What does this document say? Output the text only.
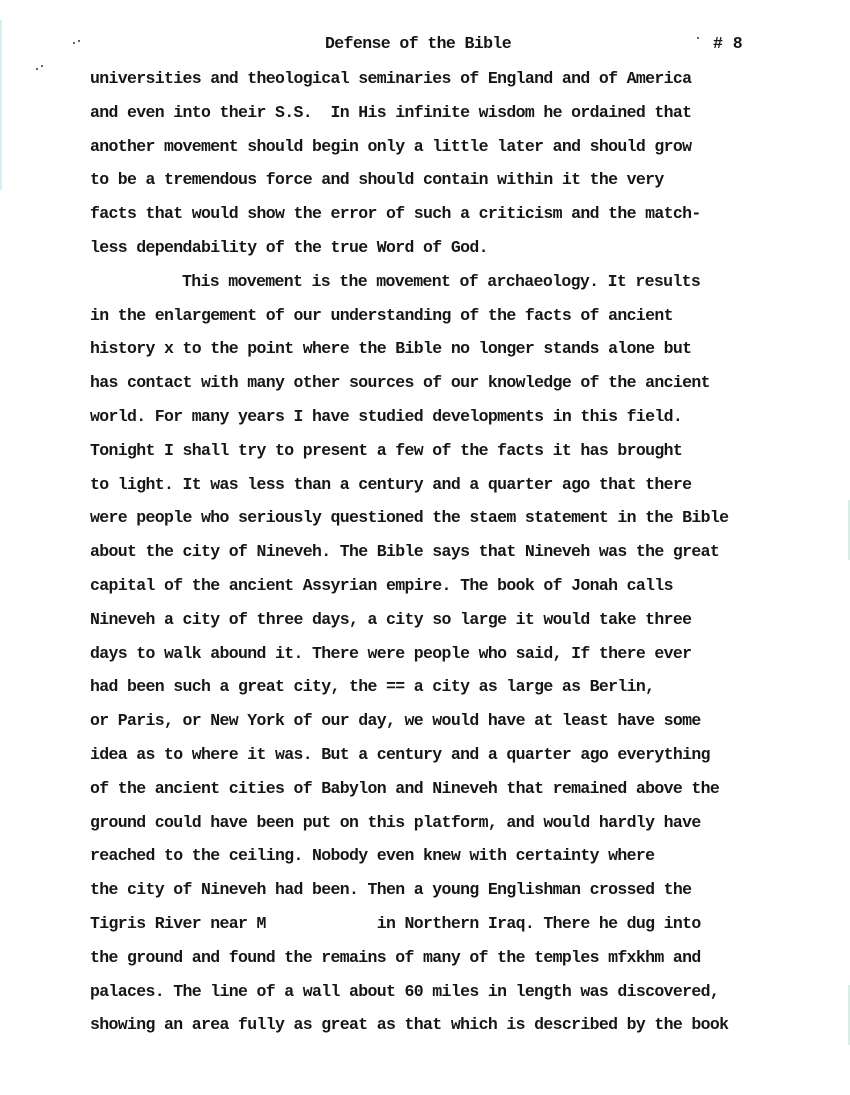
Defense of the Bible	# 8
universities and theological seminaries of England and of America
and even into their S.S.  In His infinite wisdom he ordained that
another movement should begin only a little later and should grow
to be a tremendous force and should contain within it the very
facts that would show the error of such a criticism and the match-
less dependability of the true Word of God.
This movement is the movement of archaeology. It results
in the enlargement of our understanding of the facts of ancient
history x to the point where the Bible no longer stands alone but
has contact with many other sources of our knowledge of the ancient
world. For many years I have studied developments in this field.
Tonight I shall try to present a few of the facts it has brought
to light. It was less than a century and a quarter ago that there
were people who seriously questioned the staem statement in the Bible
about the city of Nineveh. The Bible says that Nineveh was the great
capital of the ancient Assyrian empire. The book of Jonah calls
Nineveh a city of three days, a city so large it would take three
days to walk abound it. There were people who said, If there ever
had been such a great city, the == a city as large as Berlin,
or Paris, or New York of our day, we would have at least have some
idea as to where it was. But a century and a quarter ago everything
of the ancient cities of Babylon and Nineveh that remained above the
ground could have been put on this platform, and would hardly have
reached to the ceiling. Nobody even knew with certainty where
the city of Nineveh had been. Then a young Englishman crossed the
Tigris River near M            in Northern Iraq. There he dug into
the ground and found the remains of many of the temples mfxkhm and
palaces. The line of a wall about 60 miles in length was discovered,
showing an area fully as great as that which is described by the book
